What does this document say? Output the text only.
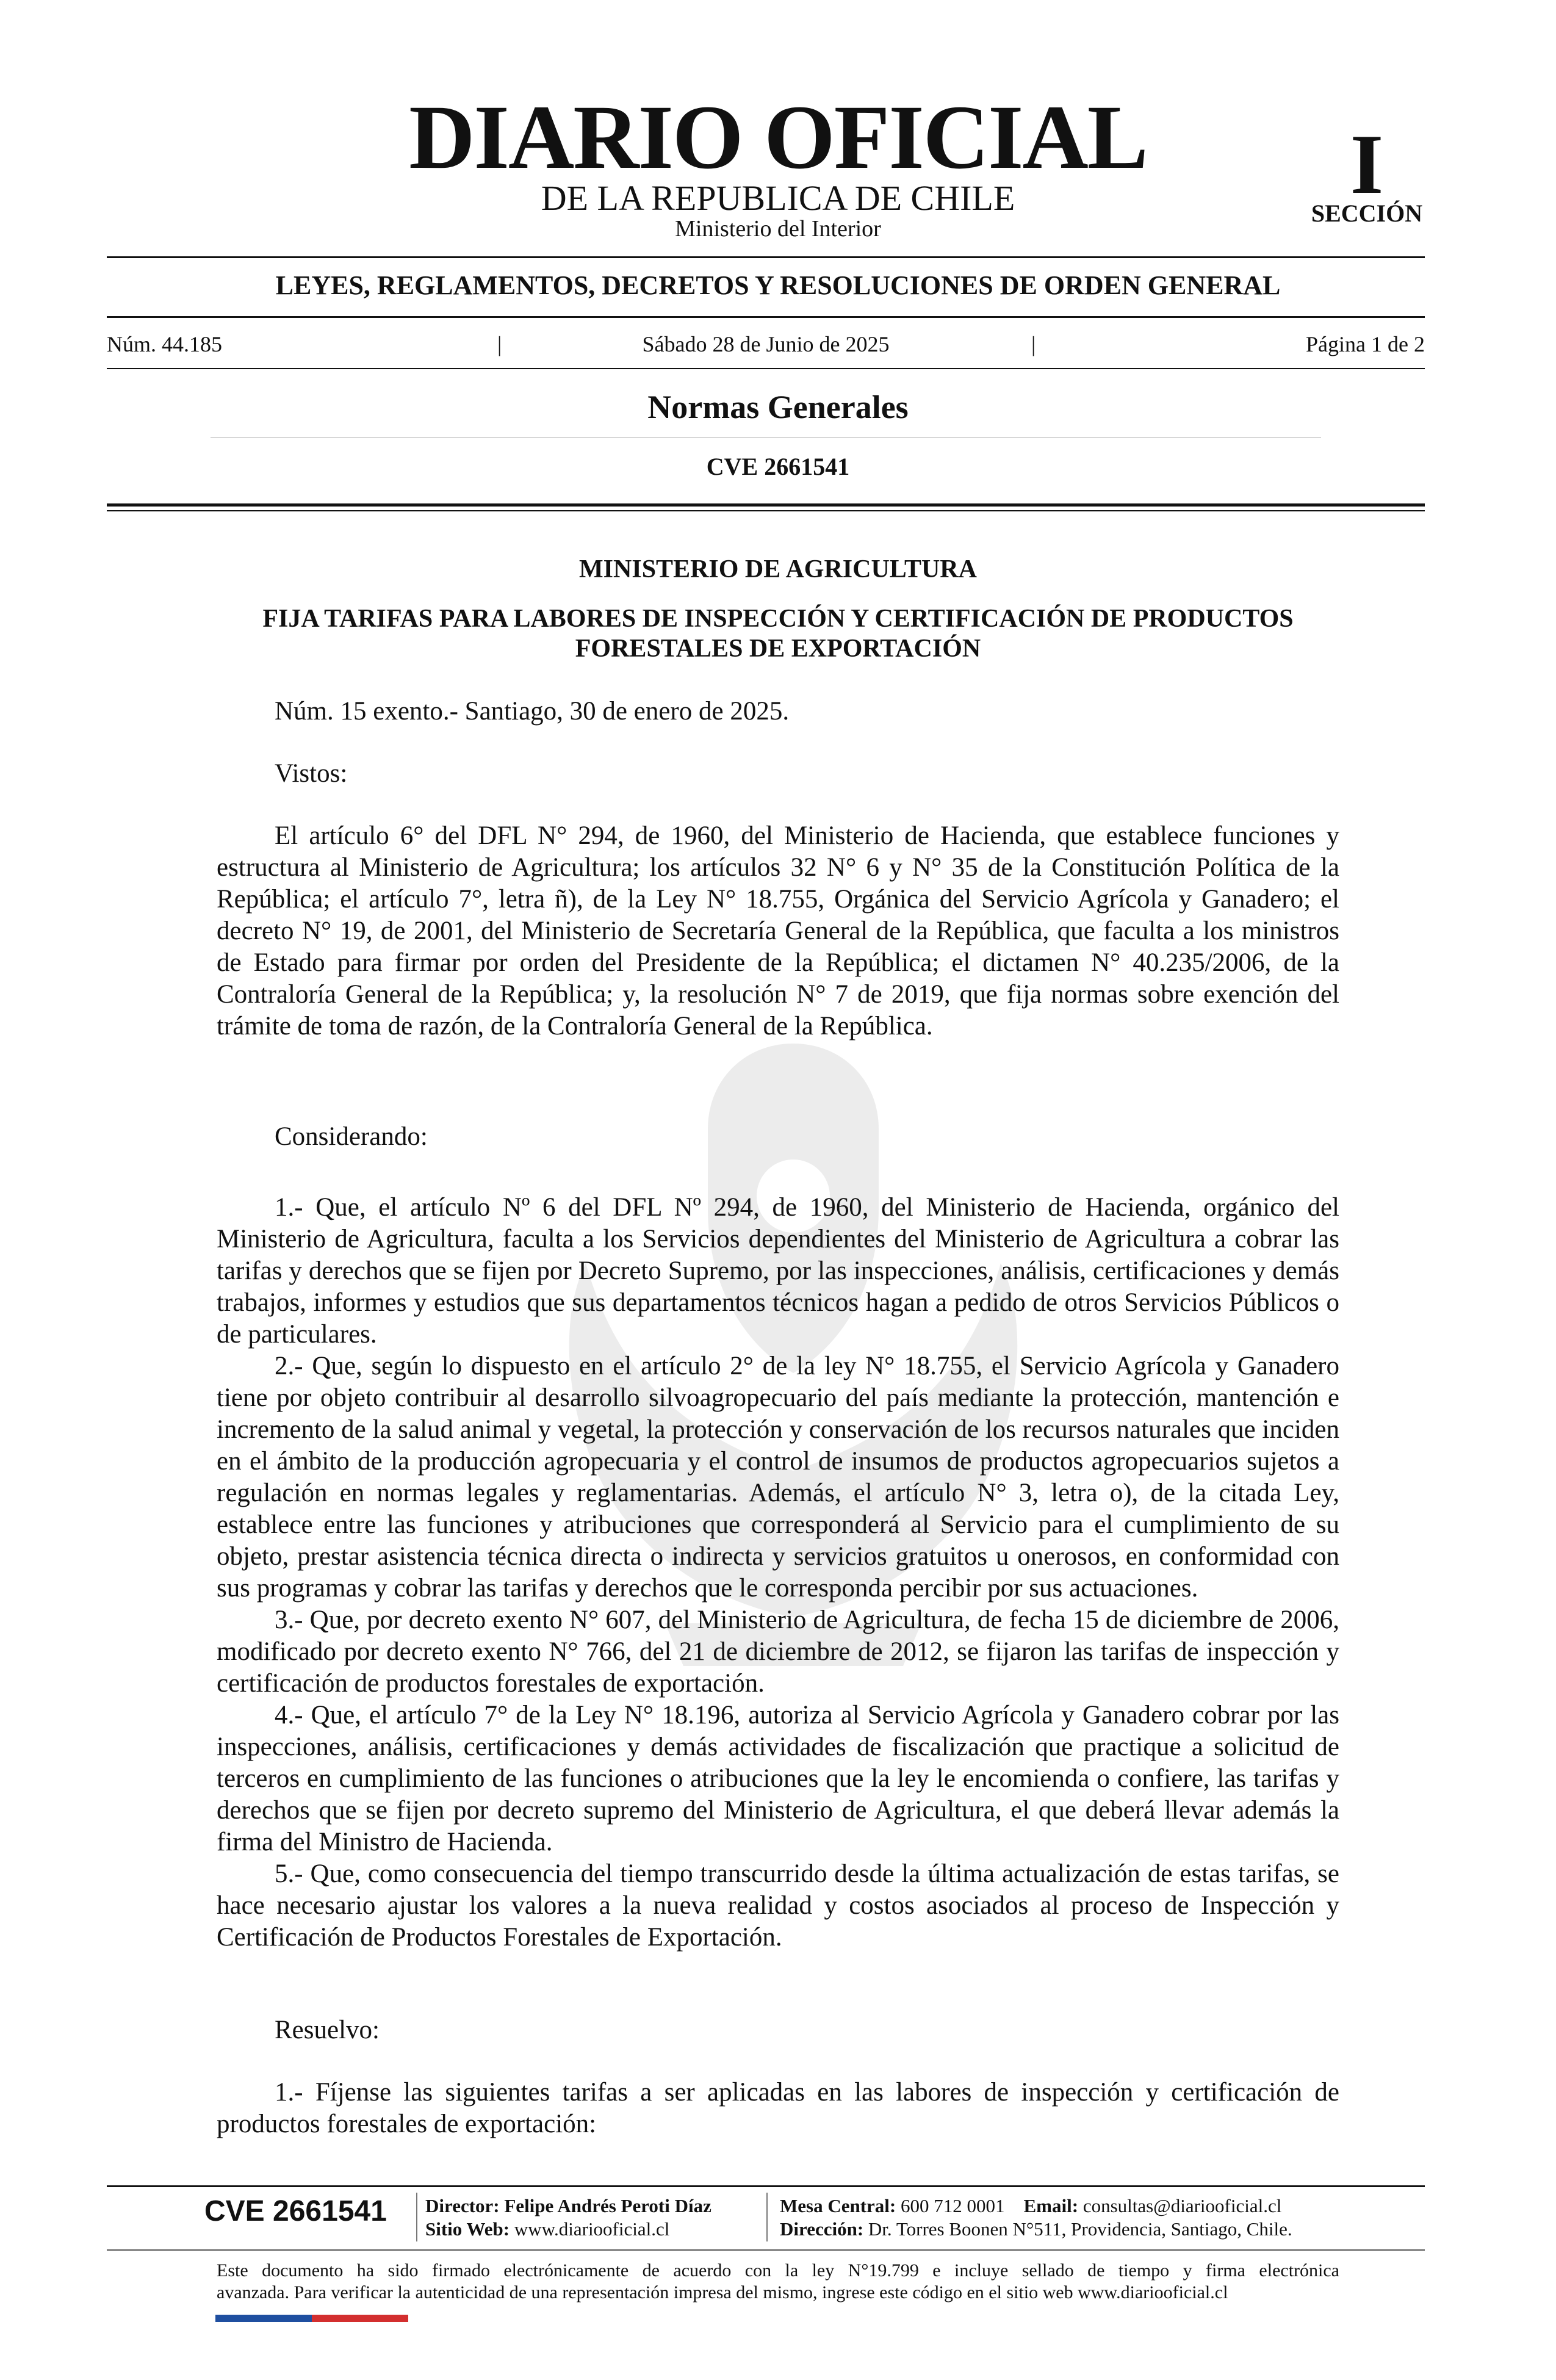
DIARIO OFICIAL
DE LA REPUBLICA DE CHILE
Ministerio del Interior
I
SECCIÓN
LEYES, REGLAMENTOS, DECRETOS Y RESOLUCIONES DE ORDEN GENERAL
Núm. 44.185	|	Sábado 28 de Junio de 2025	|	Página 1 de 2
Normas Generales
CVE 2661541
MINISTERIO DE AGRICULTURA
FIJA TARIFAS PARA LABORES DE INSPECCIÓN Y CERTIFICACIÓN DE PRODUCTOS FORESTALES DE EXPORTACIÓN
Núm. 15 exento.- Santiago, 30 de enero de 2025.
Vistos:
El artículo 6° del DFL N° 294, de 1960, del Ministerio de Hacienda, que establece funciones y estructura al Ministerio de Agricultura; los artículos 32 N° 6 y N° 35 de la Constitución Política de la República; el artículo 7°, letra ñ), de la Ley N° 18.755, Orgánica del Servicio Agrícola y Ganadero; el decreto N° 19, de 2001, del Ministerio de Secretaría General de la República, que faculta a los ministros de Estado para firmar por orden del Presidente de la República; el dictamen N° 40.235/2006, de la Contraloría General de la República; y, la resolución N° 7 de 2019, que fija normas sobre exención del trámite de toma de razón, de la Contraloría General de la República.
Considerando:
1.- Que, el artículo Nº 6 del DFL Nº 294, de 1960, del Ministerio de Hacienda, orgánico del Ministerio de Agricultura, faculta a los Servicios dependientes del Ministerio de Agricultura a cobrar las tarifas y derechos que se fijen por Decreto Supremo, por las inspecciones, análisis, certificaciones y demás trabajos, informes y estudios que sus departamentos técnicos hagan a pedido de otros Servicios Públicos o de particulares.
2.- Que, según lo dispuesto en el artículo 2° de la ley N° 18.755, el Servicio Agrícola y Ganadero tiene por objeto contribuir al desarrollo silvoagropecuario del país mediante la protección, mantención e incremento de la salud animal y vegetal, la protección y conservación de los recursos naturales que inciden en el ámbito de la producción agropecuaria y el control de insumos de productos agropecuarios sujetos a regulación en normas legales y reglamentarias. Además, el artículo N° 3, letra o), de la citada Ley, establece entre las funciones y atribuciones que corresponderá al Servicio para el cumplimiento de su objeto, prestar asistencia técnica directa o indirecta y servicios gratuitos u onerosos, en conformidad con sus programas y cobrar las tarifas y derechos que le corresponda percibir por sus actuaciones.
3.- Que, por decreto exento N° 607, del Ministerio de Agricultura, de fecha 15 de diciembre de 2006, modificado por decreto exento N° 766, del 21 de diciembre de 2012, se fijaron las tarifas de inspección y certificación de productos forestales de exportación.
4.- Que, el artículo 7° de la Ley N° 18.196, autoriza al Servicio Agrícola y Ganadero cobrar por las inspecciones, análisis, certificaciones y demás actividades de fiscalización que practique a solicitud de terceros en cumplimiento de las funciones o atribuciones que la ley le encomienda o confiere, las tarifas y derechos que se fijen por decreto supremo del Ministerio de Agricultura, el que deberá llevar además la firma del Ministro de Hacienda.
5.- Que, como consecuencia del tiempo transcurrido desde la última actualización de estas tarifas, se hace necesario ajustar los valores a la nueva realidad y costos asociados al proceso de Inspección y Certificación de Productos Forestales de Exportación.
Resuelvo:
1.- Fíjense las siguientes tarifas a ser aplicadas en las labores de inspección y certificación de productos forestales de exportación:
CVE 2661541 Director: Felipe Andrés Peroti Díaz
Sitio Web: www.diariooficial.cl
Mesa Central: 600 712 0001 Email: consultas@diariooficial.cl
Dirección: Dr. Torres Boonen N°511, Providencia, Santiago, Chile.
Este documento ha sido firmado electrónicamente de acuerdo con la ley N°19.799 e incluye sellado de tiempo y firma electrónica
avanzada. Para verificar la autenticidad de una representación impresa del mismo, ingrese este código en el sitio web www.diariooficial.cl
